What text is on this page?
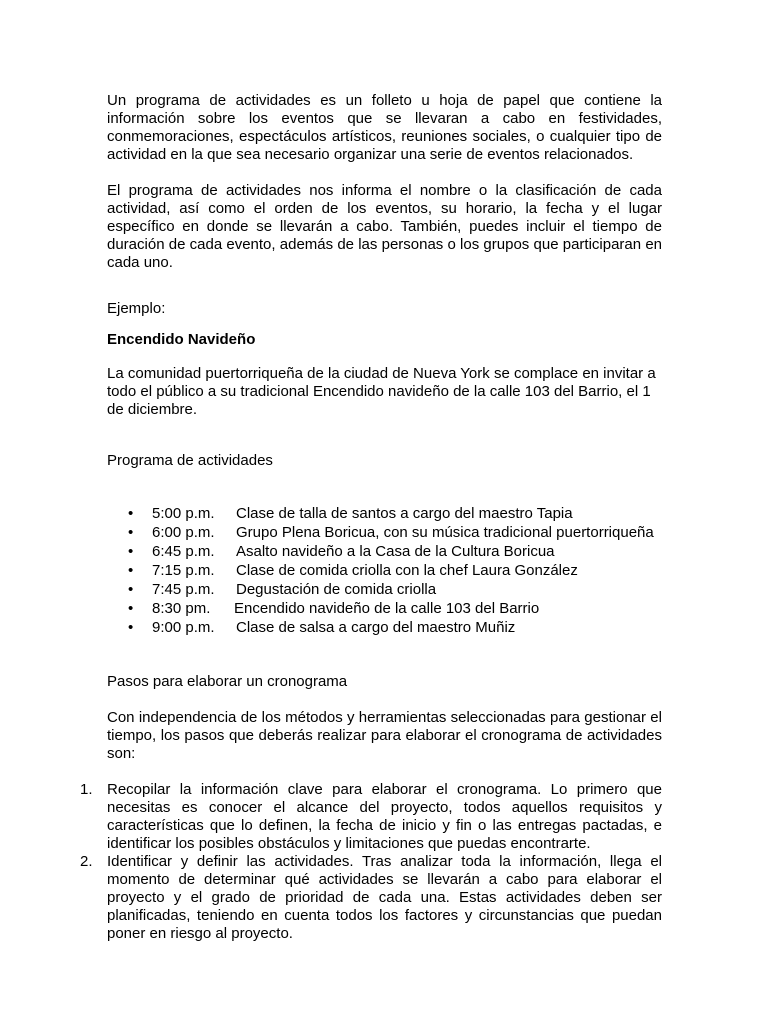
Un programa de actividades es un folleto u hoja de papel que contiene la información sobre los eventos que se llevaran a cabo en festividades, conmemoraciones, espectáculos artísticos, reuniones sociales, o cualquier tipo de actividad en la que sea necesario organizar una serie de eventos relacionados.

El programa de actividades nos informa el nombre o la clasificación de cada actividad, así como el orden de los eventos, su horario, la fecha y el lugar específico en donde se llevarán a cabo. También, puedes incluir el tiempo de duración de cada evento, además de las personas o los grupos que participaran en cada uno.

Ejemplo:

Encendido Navideño

La comunidad puertorriqueña de la ciudad de Nueva York se complace en invitar a todo el público a su tradicional Encendido navideño de la calle 103 del Barrio, el 1 de diciembre.

Programa de actividades

• 5:00 p.m. Clase de talla de santos a cargo del maestro Tapia
• 6:00 p.m. Grupo Plena Boricua, con su música tradicional puertorriqueña
• 6:45 p.m. Asalto navideño a la Casa de la Cultura Boricua
• 7:15 p.m. Clase de comida criolla con la chef Laura González
• 7:45 p.m. Degustación de comida criolla
• 8:30 pm. Encendido navideño de la calle 103 del Barrio
• 9:00 p.m. Clase de salsa a cargo del maestro Muñiz

Pasos para elaborar un cronograma

Con independencia de los métodos y herramientas seleccionadas para gestionar el tiempo, los pasos que deberás realizar para elaborar el cronograma de actividades son:

1. Recopilar la información clave para elaborar el cronograma. Lo primero que necesitas es conocer el alcance del proyecto, todos aquellos requisitos y características que lo definen, la fecha de inicio y fin o las entregas pactadas, e identificar los posibles obstáculos y limitaciones que puedas encontrarte.
2. Identificar y definir las actividades. Tras analizar toda la información, llega el momento de determinar qué actividades se llevarán a cabo para elaborar el proyecto y el grado de prioridad de cada una. Estas actividades deben ser planificadas, teniendo en cuenta todos los factores y circunstancias que puedan poner en riesgo al proyecto.
